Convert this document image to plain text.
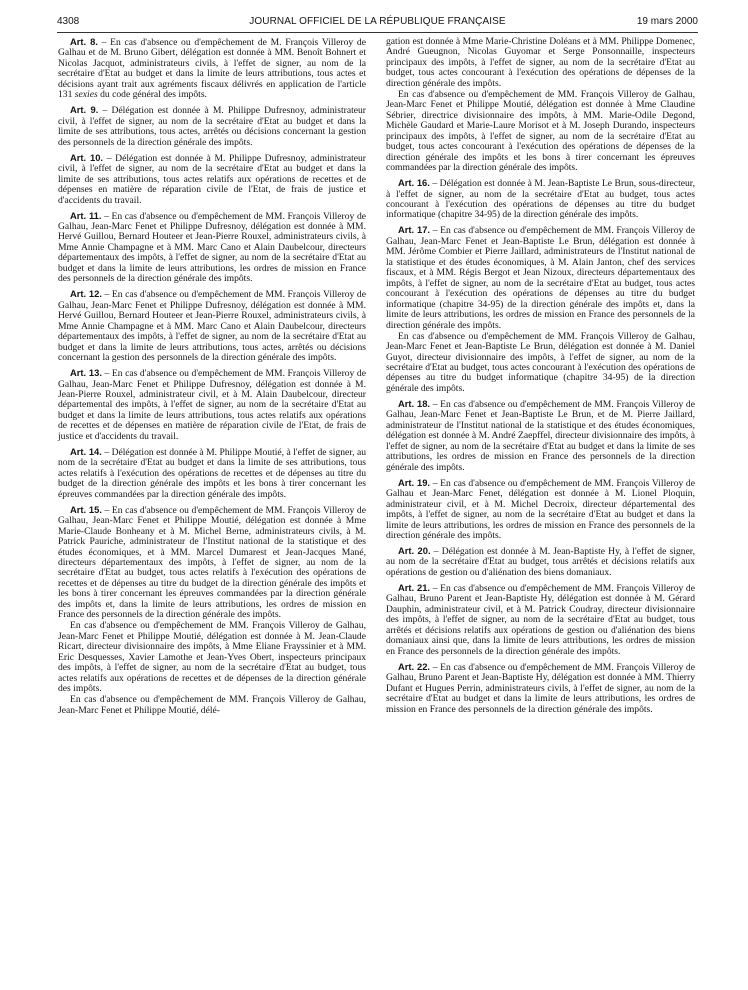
4308	JOURNAL OFFICIEL DE LA RÉPUBLIQUE FRANÇAISE	19 mars 2000

Art. 8. – En cas d'absence ou d'empêchement de M. François Villeroy de Galhau et de M. Bruno Gibert, délégation est donnée à MM. Benoît Bohnert et Nicolas Jacquot, administrateurs civils, à l'effet de signer, au nom de la secrétaire d'Etat au budget et dans la limite de leurs attributions, tous actes et décisions ayant trait aux agréments fiscaux délivrés en application de l'article 131 sexies du code général des impôts.

Art. 9. – Délégation est donnée à M. Philippe Dufresnoy, administrateur civil, à l'effet de signer, au nom de la secrétaire d'Etat au budget et dans la limite de ses attributions, tous actes, arrêtés ou décisions concernant la gestion des personnels de la direction générale des impôts.

Art. 10. – Délégation est donnée à M. Philippe Dufresnoy, administrateur civil, à l'effet de signer, au nom de la secrétaire d'Etat au budget et dans la limite de ses attributions, tous actes relatifs aux opérations de recettes et de dépenses en matière de réparation civile de l'Etat, de frais de justice et d'accidents du travail.

Art. 11. – En cas d'absence ou d'empêchement de MM. François Villeroy de Galhau, Jean-Marc Fenet et Philippe Dufresnoy, délégation est donnée à MM. Hervé Guillou, Bernard Houteer et Jean-Pierre Rouxel, administrateurs civils, à Mme Annie Champagne et à MM. Marc Cano et Alain Daubelcour, directeurs départementaux des impôts, à l'effet de signer, au nom de la secrétaire d'Etat au budget et dans la limite de leurs attributions, les ordres de mission en France des personnels de la direction générale des impôts.

Art. 12. – En cas d'absence ou d'empêchement de MM. François Villeroy de Galhau, Jean-Marc Fenet et Philippe Dufresnoy, délégation est donnée à MM. Hervé Guillou, Bernard Houteer et Jean-Pierre Rouxel, administrateurs civils, à Mme Annie Champagne et à MM. Marc Cano et Alain Daubelcour, directeurs départementaux des impôts, à l'effet de signer, au nom de la secrétaire d'Etat au budget et dans la limite de leurs attributions, tous actes, arrêtés ou décisions concernant la gestion des personnels de la direction générale des impôts.

Art. 13. – En cas d'absence ou d'empêchement de MM. François Villeroy de Galhau, Jean-Marc Fenet et Philippe Dufresnoy, délégation est donnée à M. Jean-Pierre Rouxel, administrateur civil, et à M. Alain Daubelcour, directeur départemental des impôts, à l'effet de signer, au nom de la secrétaire d'Etat au budget et dans la limite de leurs attributions, tous actes relatifs aux opérations de recettes et de dépenses en matière de réparation civile de l'Etat, de frais de justice et d'accidents du travail.

Art. 14. – Délégation est donnée à M. Philippe Moutié, à l'effet de signer, au nom de la secrétaire d'Etat au budget et dans la limite de ses attributions, tous actes relatifs à l'exécution des opérations de recettes et de dépenses au titre du budget de la direction générale des impôts et les bons à tirer concernant les épreuves commandées par la direction générale des impôts.

Art. 15. – En cas d'absence ou d'empêchement de MM. François Villeroy de Galhau, Jean-Marc Fenet et Philippe Moutié, délégation est donnée à Mme Marie-Claude Bonheany et à M. Michel Berne, administrateurs civils, à M. Patrick Pauriche, administrateur de l'Institut national de la statistique et des études économiques, et à MM. Marcel Dumarest et Jean-Jacques Mané, directeurs départementaux des impôts, à l'effet de signer, au nom de la secrétaire d'Etat au budget, tous actes relatifs à l'exécution des opérations de recettes et de dépenses au titre du budget de la direction générale des impôts et les bons à tirer concernant les épreuves commandées par la direction générale des impôts et, dans la limite de leurs attributions, les ordres de mission en France des personnels de la direction générale des impôts.

En cas d'absence ou d'empêchement de MM. François Villeroy de Galhau, Jean-Marc Fenet et Philippe Moutié, délégation est donnée à M. Jean-Claude Ricart, directeur divisionnaire des impôts, à Mme Eliane Frayssinier et à MM. Eric Desquesses, Xavier Lamothe et Jean-Yves Obert, inspecteurs principaux des impôts, à l'effet de signer, au nom de la secrétaire d'Etat au budget, tous actes relatifs aux opérations de recettes et de dépenses de la direction générale des impôts.

En cas d'absence ou d'empêchement de MM. François Villeroy de Galhau, Jean-Marc Fenet et Philippe Moutié, délé-

gation est donnée à Mme Marie-Christine Doléans et à MM. Philippe Domenec, André Gueugnon, Nicolas Guyomar et Serge Ponsonnaille, inspecteurs principaux des impôts, à l'effet de signer, au nom de la secrétaire d'Etat au budget, tous actes concourant à l'exécution des opérations de dépenses de la direction générale des impôts.

En cas d'absence ou d'empêchement de MM. François Villeroy de Galhau, Jean-Marc Fenet et Philippe Moutié, délégation est donnée à Mme Claudine Sébrier, directrice divisionnaire des impôts, à MM. Marie-Odile Degond, Michèle Gaudard et Marie-Laure Morisot et à M. Joseph Durando, inspecteurs principaux des impôts, à l'effet de signer, au nom de la secrétaire d'Etat au budget, tous actes concourant à l'exécution des opérations de dépenses de la direction générale des impôts et les bons à tirer concernant les épreuves commandées par la direction générale des impôts.

Art. 16. – Délégation est donnée à M. Jean-Baptiste Le Brun, sous-directeur, à l'effet de signer, au nom de la secrétaire d'Etat au budget, tous actes concourant à l'exécution des opérations de dépenses au titre du budget informatique (chapitre 34-95) de la direction générale des impôts.

Art. 17. – En cas d'absence ou d'empêchement de MM. François Villeroy de Galhau, Jean-Marc Fenet et Jean-Baptiste Le Brun, délégation est donnée à MM. Jérôme Combier et Pierre Jaillard, administrateurs de l'Institut national de la statistique et des études économiques, à M. Alain Janton, chef des services fiscaux, et à MM. Régis Bergot et Jean Nizoux, directeurs départementaux des impôts, à l'effet de signer, au nom de la secrétaire d'Etat au budget, tous actes concourant à l'exécution des opérations de dépenses au titre du budget informatique (chapitre 34-95) de la direction générale des impôts et, dans la limite de leurs attributions, les ordres de mission en France des personnels de la direction générale des impôts.

En cas d'absence ou d'empêchement de MM. François Villeroy de Galhau, Jean-Marc Fenet et Jean-Baptiste Le Brun, délégation est donnée à M. Daniel Guyot, directeur divisionnaire des impôts, à l'effet de signer, au nom de la secrétaire d'Etat au budget, tous actes concourant à l'exécution des opérations de dépenses au titre du budget informatique (chapitre 34-95) de la direction générale des impôts.

Art. 18. – En cas d'absence ou d'empêchement de MM. François Villeroy de Galhau, Jean-Marc Fenet et Jean-Baptiste Le Brun, et de M. Pierre Jaillard, administrateur de l'Institut national de la statistique et des études économiques, délégation est donnée à M. André Zaepffel, directeur divisionnaire des impôts, à l'effet de signer, au nom de la secrétaire d'Etat au budget et dans la limite de ses attributions, les ordres de mission en France des personnels de la direction générale des impôts.

Art. 19. – En cas d'absence ou d'empêchement de MM. François Villeroy de Galhau et Jean-Marc Fenet, délégation est donnée à M. Lionel Ploquin, administrateur civil, et à M. Michel Decroix, directeur départemental des impôts, à l'effet de signer, au nom de la secrétaire d'Etat au budget et dans la limite de leurs attributions, les ordres de mission en France des personnels de la direction générale des impôts.

Art. 20. – Délégation est donnée à M. Jean-Baptiste Hy, à l'effet de signer, au nom de la secrétaire d'Etat au budget, tous arrêtés et décisions relatifs aux opérations de gestion ou d'aliénation des biens domaniaux.

Art. 21. – En cas d'absence ou d'empêchement de MM. François Villeroy de Galhau, Bruno Parent et Jean-Baptiste Hy, délégation est donnée à M. Gérard Dauphin, administrateur civil, et à M. Patrick Coudray, directeur divisionnaire des impôts, à l'effet de signer, au nom de la secrétaire d'Etat au budget, tous arrêtés et décisions relatifs aux opérations de gestion ou d'aliénation des biens domaniaux ainsi que, dans la limite de leurs attributions, les ordres de mission en France des personnels de la direction générale des impôts.

Art. 22. – En cas d'absence ou d'empêchement de MM. François Villeroy de Galhau, Bruno Parent et Jean-Baptiste Hy, délégation est donnée à MM. Thierry Dufant et Hugues Perrin, administrateurs civils, à l'effet de signer, au nom de la secrétaire d'Etat au budget et dans la limite de leurs attributions, les ordres de mission en France des personnels de la direction générale des impôts.
